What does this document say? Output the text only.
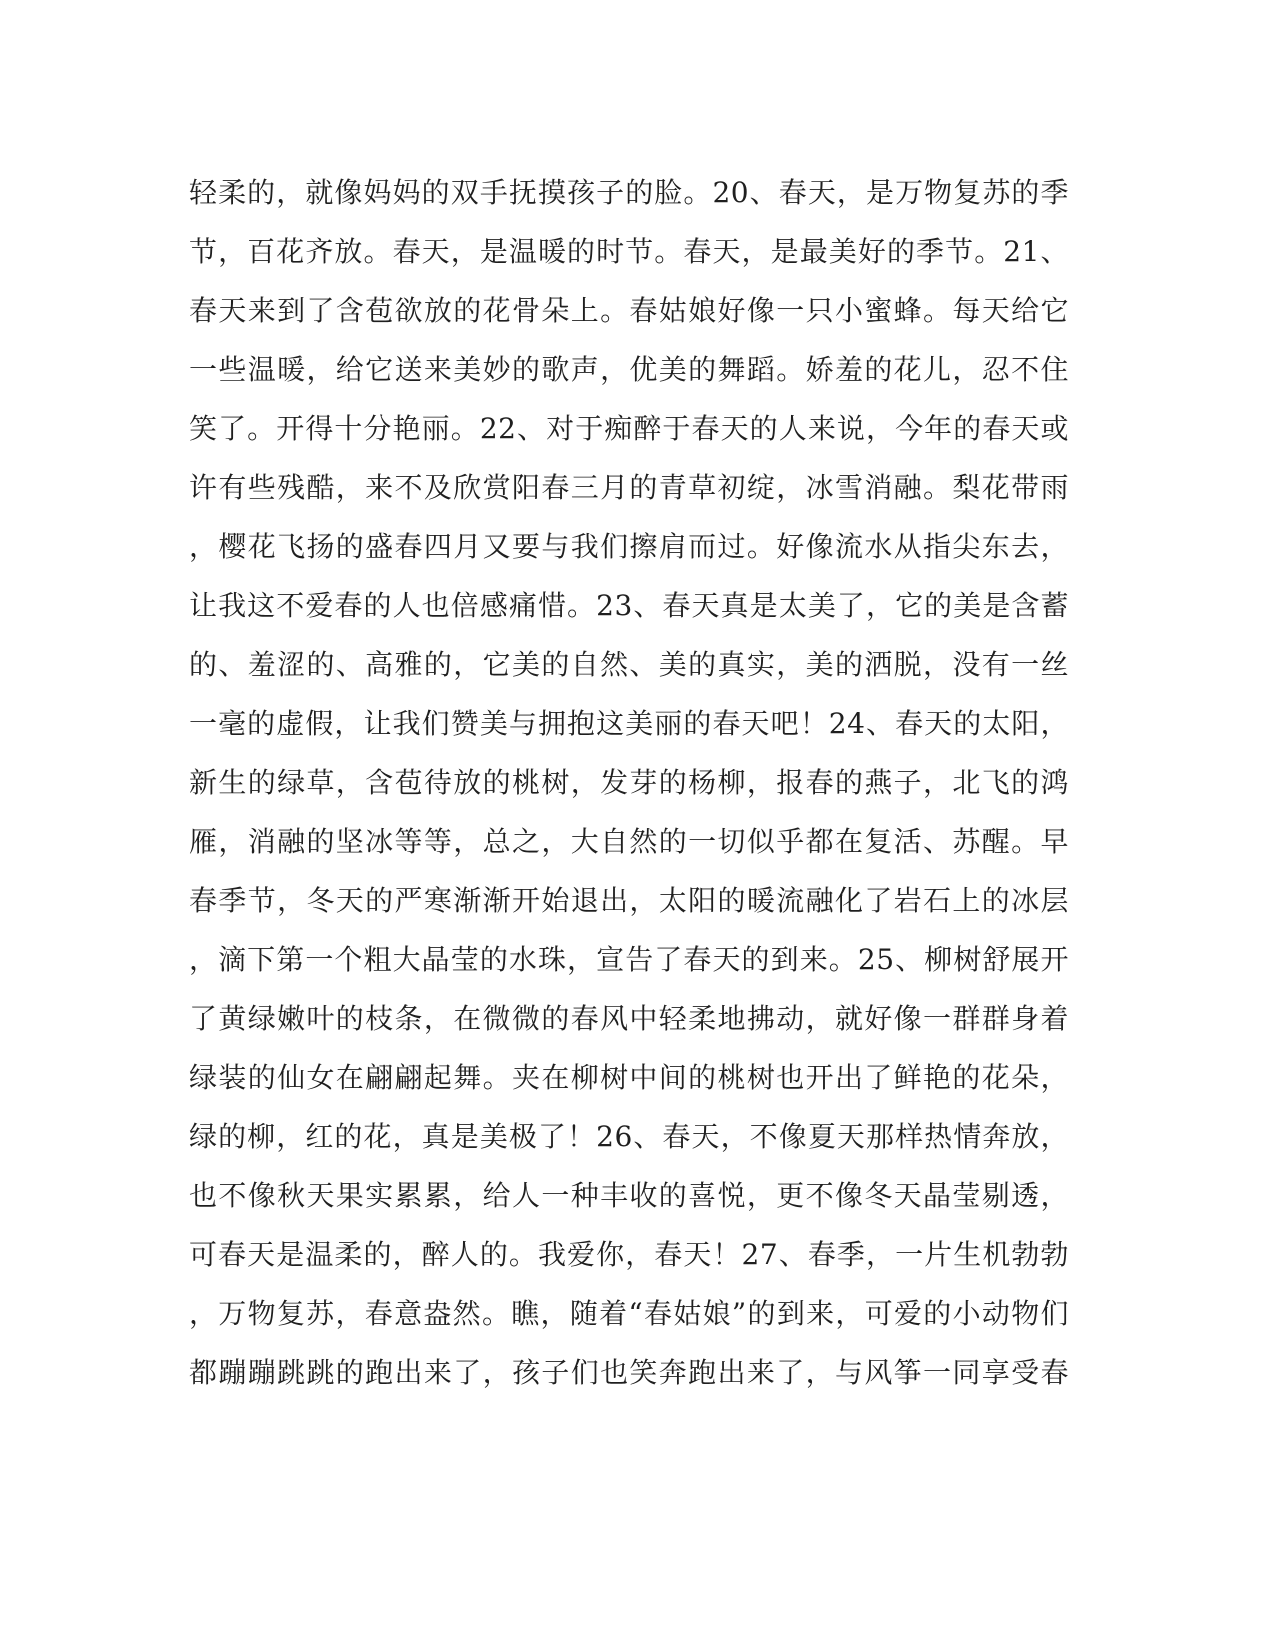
轻柔的，就像妈妈的双手抚摸孩子的脸。20、春天，是万物复苏的季
节，百花齐放。春天，是温暖的时节。春天，是最美好的季节。21、
春天来到了含苞欲放的花骨朵上。春姑娘好像一只小蜜蜂。每天给它
一些温暖，给它送来美妙的歌声，优美的舞蹈。娇羞的花儿，忍不住
笑了。开得十分艳丽。22、对于痴醉于春天的人来说，今年的春天或
许有些残酷，来不及欣赏阳春三月的青草初绽，冰雪消融。梨花带雨
，樱花飞扬的盛春四月又要与我们擦肩而过。好像流水从指尖东去，
让我这不爱春的人也倍感痛惜。23、春天真是太美了，它的美是含蓄
的、羞涩的、高雅的，它美的自然、美的真实，美的洒脱，没有一丝
一毫的虚假，让我们赞美与拥抱这美丽的春天吧！24、春天的太阳，
新生的绿草，含苞待放的桃树，发芽的杨柳，报春的燕子，北飞的鸿
雁，消融的坚冰等等，总之，大自然的一切似乎都在复活、苏醒。早
春季节，冬天的严寒渐渐开始退出，太阳的暖流融化了岩石上的冰层
，滴下第一个粗大晶莹的水珠，宣告了春天的到来。25、柳树舒展开
了黄绿嫩叶的枝条，在微微的春风中轻柔地拂动，就好像一群群身着
绿装的仙女在翩翩起舞。夹在柳树中间的桃树也开出了鲜艳的花朵，
绿的柳，红的花，真是美极了！26、春天，不像夏天那样热情奔放，
也不像秋天果实累累，给人一种丰收的喜悦，更不像冬天晶莹剔透，
可春天是温柔的，醉人的。我爱你，春天！27、春季，一片生机勃勃
，万物复苏，春意盎然。瞧，随着“春姑娘”的到来，可爱的小动物们
都蹦蹦跳跳的跑出来了，孩子们也笑奔跑出来了，与风筝一同享受春
